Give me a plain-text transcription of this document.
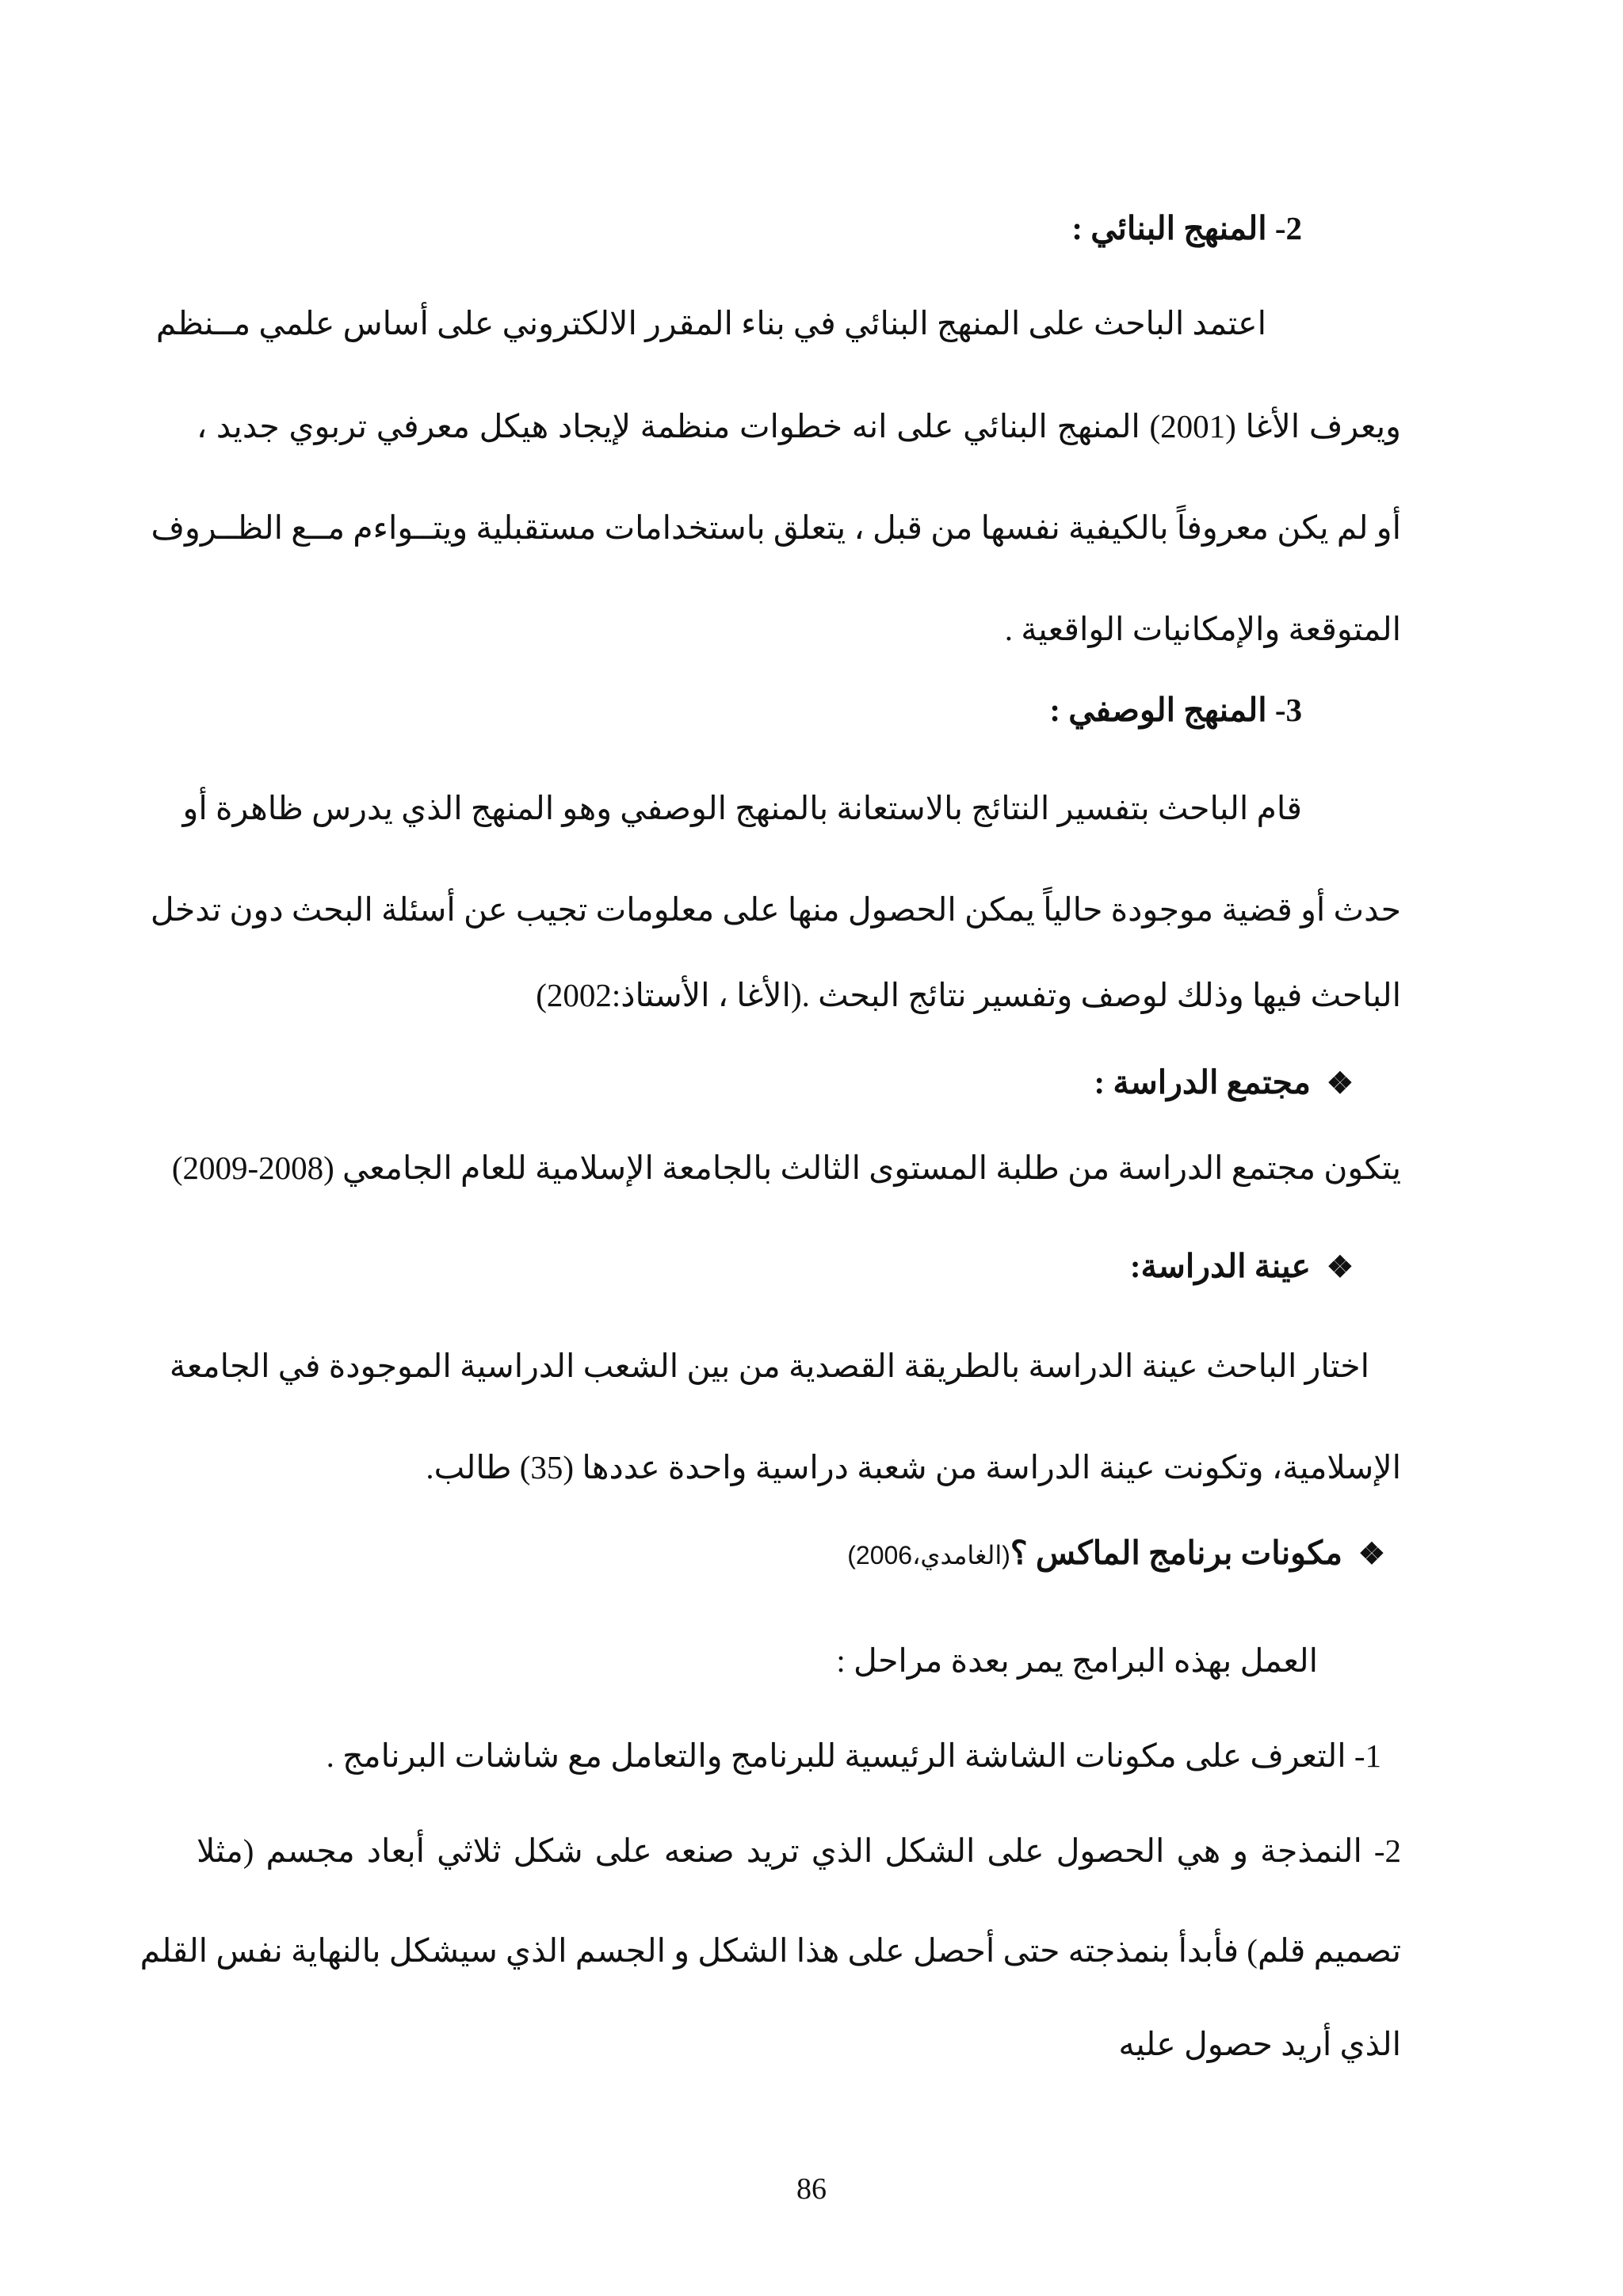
2- المنهج البنائي :
اعتمد الباحث على المنهج البنائي في بناء المقرر الالكتروني على أساس علمي مــنظم
ويعرف الأغا (2001) المنهج البنائي على انه خطوات منظمة لإيجاد هيكل معرفي تربوي جديد ،
أو لم يكن معروفاً بالكيفية نفسها من قبل ، يتعلق باستخدامات مستقبلية ويتــواءم مــع الظــروف
المتوقعة والإمكانيات الواقعية .
3- المنهج الوصفي :
قام الباحث بتفسير النتائج بالاستعانة بالمنهج الوصفي وهو المنهج الذي يدرس ظاهرة أو
حدث أو قضية موجودة حالياً يمكن الحصول منها على معلومات تجيب عن أسئلة البحث دون تدخل
الباحث فيها وذلك لوصف وتفسير نتائج البحث .(الأغا ، الأستاذ:2002)
❖مجتمع الدراسة :
يتكون مجتمع الدراسة من طلبة المستوى الثالث بالجامعة الإسلامية للعام الجامعي (2008-2009)
❖عينة الدراسة:
اختار الباحث عينة الدراسة بالطريقة القصدية من بين الشعب الدراسية الموجودة في الجامعة
الإسلامية، وتكونت عينة الدراسة من شعبة دراسية واحدة عددها (35) طالب.
❖مكونات برنامج الماكس ؟(الغامدي،2006)
العمل بهذه البرامج يمر بعدة مراحل :
1- التعرف على مكونات الشاشة الرئيسية للبرنامج والتعامل مع شاشات البرنامج .
2- النمذجة و هي الحصول على الشكل الذي تريد صنعه على شكل ثلاثي أبعاد مجسم (مثلا
تصميم قلم) فأبدأ بنمذجته حتى أحصل على هذا الشكل و الجسم الذي سيشكل بالنهاية نفس القلم
الذي أريد حصول عليه
86
